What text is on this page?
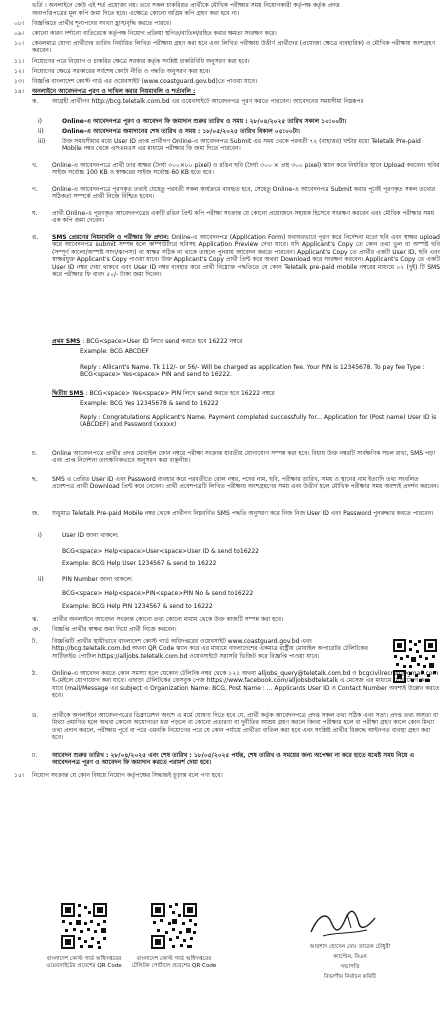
ভর্তি । অনলাইনে কেউ এই শর্ত প্রযোজ্য নয়। তবে সকল চাকরিরত প্রার্থীকে মৌখিক পরীক্ষার সময় নিয়োগকারী কর্তৃপক্ষ কর্তৃক প্রদত্ত
অনাপত্তিপত্রের মূল কপি জমা দিতে হবে। এক্ষেত্রে কোনো অগ্রিম কপি গ্রহণ করা হবে না।
০৮। বিজ্ঞপ্তিতে প্রার্থীর শূন্যপদের সংখ্যা হ্রাস/বৃদ্ধি করতে পারবে।
০৯। কোনো কারণ দর্শানো ব্যতিরেকে কর্তৃপক্ষ নিয়োগ প্রক্রিয়া স্থগিত/বাতিল/রহিত করার ক্ষমতা সংরক্ষণ করে।
১০। কেবলমাত্র যোগ্য প্রার্থীদের তারিখ নির্ধারিত লিখিত পরীক্ষায় গ্রহণ করা হবে এবং লিখিত পরীক্ষায় উত্তীর্ণ প্রার্থীদের (প্রযোজ্য ক্ষেত্রে ব্যবহারিক) ও মৌখিক পরীক্ষায় অংশগ্রহণ করবেন।
১১। নিয়োগের পরে নিয়োগ ও চাকরির ক্ষেত্রে সরকার কর্তৃক সংশ্লিষ্ট চাকরিবিধি অনুসরণ করা হবে।
১২। নিয়োগের ক্ষেত্রে সরকারের সর্বশেষ কোটা নীতি ও পদ্ধতি অনুসরণ করা হবে।
১৩। বিজ্ঞপ্তি বাংলাদেশ কোস্ট গার্ড এর ওয়েবসাইট (www.coastguard.gov.bd)তে পাওয়া যাবে।
১৪। অনলাইনে আবেদনপত্র পূরণ ও দাখিল করার নিয়মাবলি ও শর্তাবলি :
ক. আগ্রহী প্রার্থীগণ http://bcg.teletalk.com.bd এর ওয়েবসাইটে আবেদনপত্র পূরণ করতে পারবেন। আবেদনের সময়সীমা নিম্নরূপঃ
i)	Online-এ আবেদনপত্র পূরণ ও আবেদন ফি জমাদান শুরুর তারিখ ও সময় : ২৮/০৪/২০২৫ তারিখ সকাল ১০:০০টা।
ii)	Online-এ আবেদনপত্র জমাদানের শেষ তারিখ ও সময় : ১৮/০৫/২০২৫ তারিখ বিকাল ০৫:০০টা।
iii)	উক্ত সময়সীমার মধ্যে User ID প্রাপ্ত প্রার্থীগণ Online-এ আবেদনপত্র Submit এর সময় থেকে পরবর্তী ৭২ (বাহাত্তর) ঘন্টার মধ্যে Teletalk Pre-paid Mobile নম্বর থেকে এসএমএস এর মাধ্যমে পরীক্ষার ফি জমা দিতে পারবেন।
খ. Online-এ আবেদনপত্রে প্রার্থী তার স্বাক্ষর (দৈর্ঘ্য ৩০০×৮০ pixel) ও রঙিন ছবি (দৈর্ঘ্য ৩০০ × প্রস্থ ৩০০ pixel) স্ক্যান করে নির্ধারিত স্থানে Upload করবেন। ছবির সাইজ সর্বোচ্চ 100 KB ও স্বাক্ষরের সাইজ সর্বোচ্চ 60 KB হতে হবে।
গ. Online-এ আবেদনপত্রে পূরণকৃত তথ্যই যেহেতু পরবর্তী সকল কার্যক্রমে ব্যবহৃত হবে, সেহেতু Online-এ আবেদনপত্র Submit করার পূর্বেই পূরণকৃত সকল তথ্যের সঠিকতা সম্পর্কে প্রার্থী নিজে নিশ্চিত হবেন।
ঘ. প্রার্থী Online-এ পূরণকৃত আবেদনপত্রের একটি রঙিন প্রিন্ট কপি পরীক্ষা সংক্রান্ত যে কোনো প্রয়োজনে সহায়ক হিসেবে সংরক্ষণ করবেন এবং মৌখিক পরীক্ষার সময় এক কপি জমা দেবেন।
ঙ. SMS প্রেরণের নিয়মাবলি ও পরীক্ষার ফি প্রদান: Online-এ আবেদনপত্র (Application Form) যথাযথভাবে পূরণ করে নির্দেশনা মতো ছবি এবং স্বাক্ষর upload করে আবেদনপত্র submit সম্পন্ন হলে কম্পিউটারে ছবিসহ Application Preview দেখা যাবে। যদি Applicant's Copy তে কোন তথ্য ভুল বা অস্পষ্ট ছবি (সম্পূর্ণ কালো/অস্পষ্ট সাদা/ঝাপসা) বা স্বাক্ষর সঠিক না থাকে তাহলে পুনরায় আবেদন করতে পারবেন। Applicant's Copy তে প্রার্থীর একটি User ID, ছবি এবং স্বাক্ষরযুক্ত Applicant's Copy পাওয়া যাবে। উক্ত Applicant's Copy প্রার্থী প্রিন্ট করে অথবা Download করে সংরক্ষণ করবেন। Applicant's Copy তে একটি User ID নম্বর দেয়া থাকবে এবং User ID নম্বর ব্যবহার করে প্রার্থী নিম্নোক্ত পদ্ধতিতে যে কোন Teletalk pre-paid mobile নম্বরের মাধ্যমে ০২ (দুই) টি SMS করে পরীক্ষার ফি বাবদ ৫০/- টাকা জমা দিবেন।
প্রথম SMS : BCG<space>User ID লিখে send করতে হবে 16222 নম্বরে
Example: BCG ABCDEF
Reply : Allicant's Name. Tk 112/- or 56/- Will be charged as application fee. Your PIN is 12345678. To pay fee Type : BCG<space> Yes<space> PIN and send to 16222.
দ্বিতীয় SMS : BCG<space> Yes<space> PIN লিখে send করতে হবে 16222 নম্বরে
Example: BCG Yes 12345678 & send to 16222
Reply : Congratulations Applicant's Name. Payment completed successfully for... Application for (Post name) User ID is (ABCDEF) and Password (xxxxx)
চ. Online আবেদনপত্রে প্রার্থীর প্রদত্ত মোবাইল ফোন নম্বরে পরীক্ষা সংক্রান্ত যাবতীয় যোগাযোগ সম্পন্ন করা হবে। বিধায় উক্ত নম্বরটি সার্বক্ষণিক সচল রাখা, SMS পড়া এবং প্রাপ্ত নির্দেশনা তাৎক্ষণিকভাবে অনুসরণ করা বাঞ্ছনীয়।
ছ. SMS এ প্রেরিত User ID এবং Password ব্যবহার করে পরবর্তীতে রোল নম্বর, পদের নাম, ছবি, পরীক্ষার তারিখ, সময় ও স্থানের নাম ইত্যাদি তথ্য সংবলিত প্রবেশপত্র প্রার্থী Download প্রিন্ট করে নেবেন। প্রার্থী প্রবেশপত্রটি লিখিত পরীক্ষায় অংশগ্রহণের সময় এবং উত্তীর্ণ হলে মৌখিক পরীক্ষার সময় অবশ্যই প্রদর্শন করবেন।
জ. শুধুমাত্র Teletalk Pre-paid Mobile নম্বর থেকে প্রার্থীগণ নিম্নবর্ণিত SMS পদ্ধতি অনুসরণ করে নিজ নিজ User ID এবং Password পুনরুদ্ধার করতে পারবেন।
i)	User ID জানা থাকলে:
BCG<space> Help<space>User<space>User ID & send to16222
Example: BCG Help User 1234567 & send to 16222
ii)	PIN Number জানা থাকলে:
BCG<space> Help<space>PIN<space>PIN No & send to16222
Example: BCG Help PIN 1234567 & send to 16222
ঝ. প্রার্থীর অনলাইনে আবেদন সংক্রান্ত কোনো তথ্য কোনো মাধ্যম থেকে উক্ত কাজটি সম্পন্ন করা হবে।
ঞ. বিজ্ঞপ্তি প্রার্থীর স্বাক্ষর জমা দিয়ে প্রার্থী নিজে করবেন।
ট. বিজ্ঞপ্তিটি প্রার্থীর স্থায়ীভাবে বাংলাদেশ কোস্ট গার্ড অধিদপ্তরের ওয়েবসাইট www.coastguard.gov.bd এবং http://bcg.teletalk.com.bd অথবা QR Code স্ক্যান করে এর মাধ্যমে বাংলাদেশের একমাত্র রাষ্ট্রীয় মোবাইল অপারেটর টেলিটকের সার্টিফাইড পোর্টাল https://alljobs.teletalk.com.bd ওয়েবসাইটে সরাসরি ভিজিট করে বিজ্ঞপ্তি পাওয়া যাবে।
ঠ. Online-এ আবেদন করতে কোন সমস্যা হলে যেকোন টেলিটক নম্বর থেকে ১২১ অথবা alljobs_query@teletalk.com.bd ও bcgcivilrecruit@gmail.com ই-মেইলে যোগাযোগ করা যাবে। এছাড়া টেলিটকের ফেসবুক পেজ https://www.facebook.com/alljobsbdteletalk এ মেসেজ এর মাধ্যমে যোগাযোগ করা যাবে (mail/Message এর subject এ Organization Name: BCG, Post Name : ... Applicants User ID ও Contact Number অবশ্যই উল্লেখ করতে হবে।
ড. প্রার্থীকে অনলাইনে আবেদনপত্রের ডিক্লারেশন অংশে এ মর্মে ঘোষণা দিতে হবে যে, প্রার্থী কর্তৃক আবেদনপত্রে প্রদত্ত সকল তথ্য সঠিক এবং সত্য। প্রদত্ত তথ্য অসত্য বা মিথ্যা প্রমাণিত হলে অথবা কোনো অযোগ্যতা ধরা পড়লে বা কোনো প্রতারণা বা দুর্নীতির আশ্রয় গ্রহণ করলে কিংবা পরীক্ষার হলে বা পরীক্ষা গ্রহণ কালে কোন মিথ্যা তথ্য প্রদান করলে, পরীক্ষার পূর্বে বা পরে এমনকি নিয়োগের পরে যে কোন পর্যায়ে প্রার্থীতা বাতিল করা হবে এবং সংশ্লিষ্ট প্রার্থীর বিরুদ্ধে আইনগত ব্যবস্থা গ্রহণ করা হবে।
ঢ. আবেদন শুরুর তারিখ : ২৮/০৪/২০২৫ এবং শেষ তারিখ : ১৮/০৫/২০২৫ পর্যন্ত, শেষ তারিখ ও সময়ের জন্য অপেক্ষা না করে হাতে যথেষ্ট সময় নিয়ে এ আবেদনপত্র পূরণ ও আবেদন ফি জমাদান করতে পরামর্শ দেয়া হবে।
১৫। নিয়োগ সংক্রান্ত যে কোন বিষয়ে নিয়োগ কর্তৃপক্ষের সিদ্ধান্তই চূড়ান্ত বলে গণ্য হবে।
বাংলাদেশ কোস্ট গার্ড অধিদপ্তরের ওয়েবসাইটের প্রবেশের QR Code
বাংলাদেশ কোস্ট গার্ড অধিদপ্তরের টেলিটক পোর্টালে প্রবেশের QR Code
আরশাদ হোসেন মোঃ তারেক চৌধুরী
ক্যাপ্টেন, বিএন
সভাপতি
বিভাগীয় নির্বাচন কমিটি
